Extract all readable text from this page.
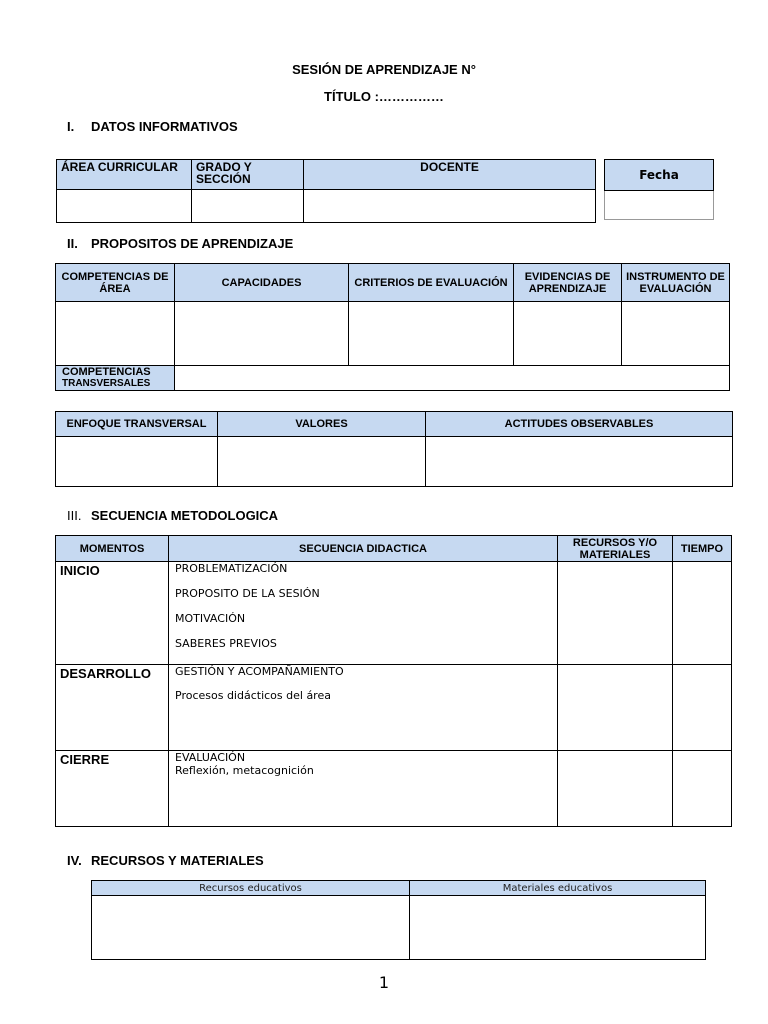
SESIÓN DE APRENDIZAJE N°
TÍTULO :……………
I. DATOS INFORMATIVOS
ÁREA CURRICULAR	GRADO Y SECCIÓN	DOCENTE

Fecha

II. PROPOSITOS DE APRENDIZAJE
COMPETENCIAS DE ÁREA	CAPACIDADES	CRITERIOS DE EVALUACIÓN	EVIDENCIAS DE APRENDIZAJE	INSTRUMENTO DE EVALUACIÓN

COMPETENCIAS
TRANSVERSALES				

ENFOQUE TRANSVERSAL	VALORES	ACTITUDES OBSERVABLES

III. SECUENCIA METODOLOGICA
MOMENTOS	SECUENCIA DIDACTICA	RECURSOS Y/O MATERIALES	TIEMPO
INICIO	PROBLEMATIZACIÓN
PROPOSITO DE LA SESIÓN
MOTIVACIÓN
SABERES PREVIOS		

DESARROLLO	GESTIÓN Y ACOMPAÑAMIENTO
Procesos didácticos del área		

CIERRE	EVALUACIÓN
Reflexión, metacognición		

IV. RECURSOS Y MATERIALES
Recursos educativos	Materiales educativos

1
